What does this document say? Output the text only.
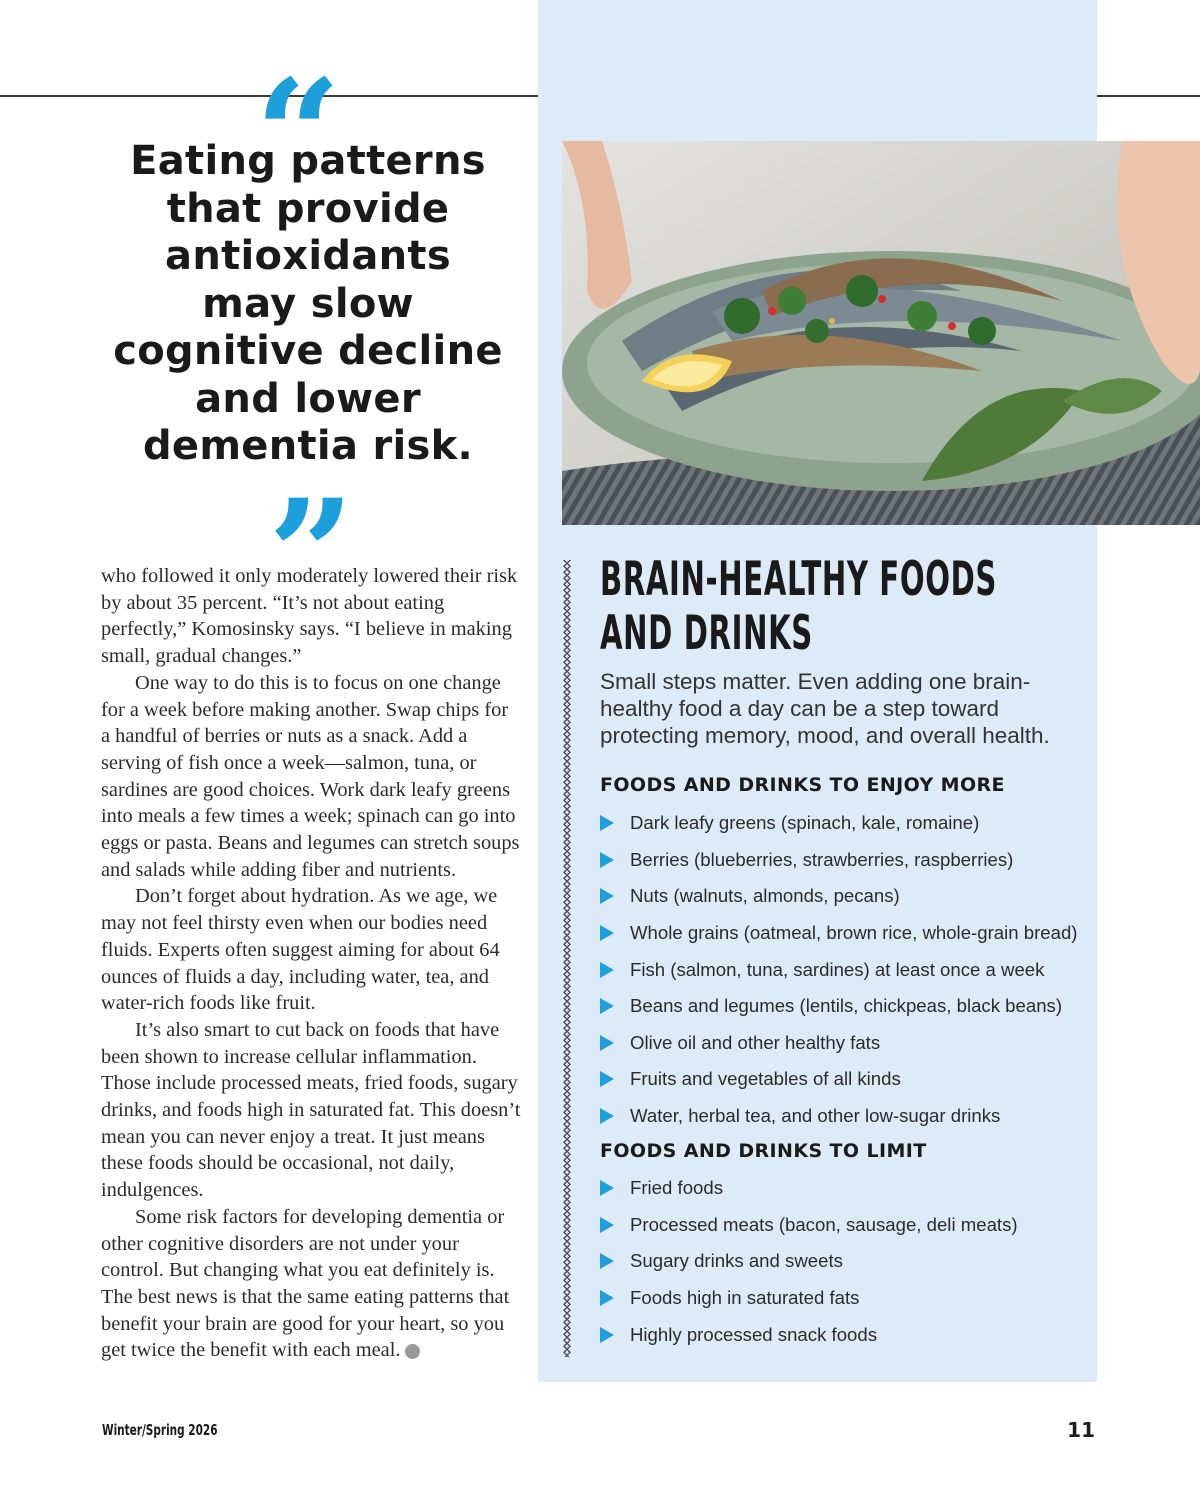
“
Eating patterns
that provide
antioxidants
may slow
cognitive decline
and lower
dementia risk.
”

who followed it only moderately lowered their risk by about 35 percent. “It’s not about eating perfectly,” Komosinsky says. “I believe in making small, gradual changes.”

One way to do this is to focus on one change for a week before making another. Swap chips for a handful of berries or nuts as a snack. Add a serving of fish once a week—salmon, tuna, or sardines are good choices. Work dark leafy greens into meals a few times a week; spinach can go into eggs or pasta. Beans and legumes can stretch soups and salads while adding fiber and nutrients.

Don’t forget about hydration. As we age, we may not feel thirsty even when our bodies need fluids. Experts often suggest aiming for about 64 ounces of fluids a day, including water, tea, and water-rich foods like fruit.

It’s also smart to cut back on foods that have been shown to increase cellular inflammation. Those include processed meats, fried foods, sugary drinks, and foods high in saturated fat. This doesn’t mean you can never enjoy a treat. It just means these foods should be occasional, not daily, indulgences.

Some risk factors for developing dementia or other cognitive disorders are not under your control. But changing what you eat definitely is. The best news is that the same eating patterns that benefit your brain are good for your heart, so you get twice the benefit with each meal.	T

BRAIN-HEALTHY FOODS
AND DRINKS
Small steps matter. Even adding one brain-healthy food a day can be a step toward protecting memory, mood, and overall health.
FOODS AND DRINKS TO ENJOY MORE
Dark leafy greens (spinach, kale, romaine)
Berries (blueberries, strawberries, raspberries)
Nuts (walnuts, almonds, pecans)
Whole grains (oatmeal, brown rice, whole-grain bread)
Fish (salmon, tuna, sardines) at least once a week
Beans and legumes (lentils, chickpeas, black beans)
Olive oil and other healthy fats
Fruits and vegetables of all kinds
Water, herbal tea, and other low-sugar drinks
FOODS AND DRINKS TO LIMIT
Fried foods
Processed meats (bacon, sausage, deli meats)
Sugary drinks and sweets
Foods high in saturated fats
Highly processed snack foods
Winter/Spring 2026	11
